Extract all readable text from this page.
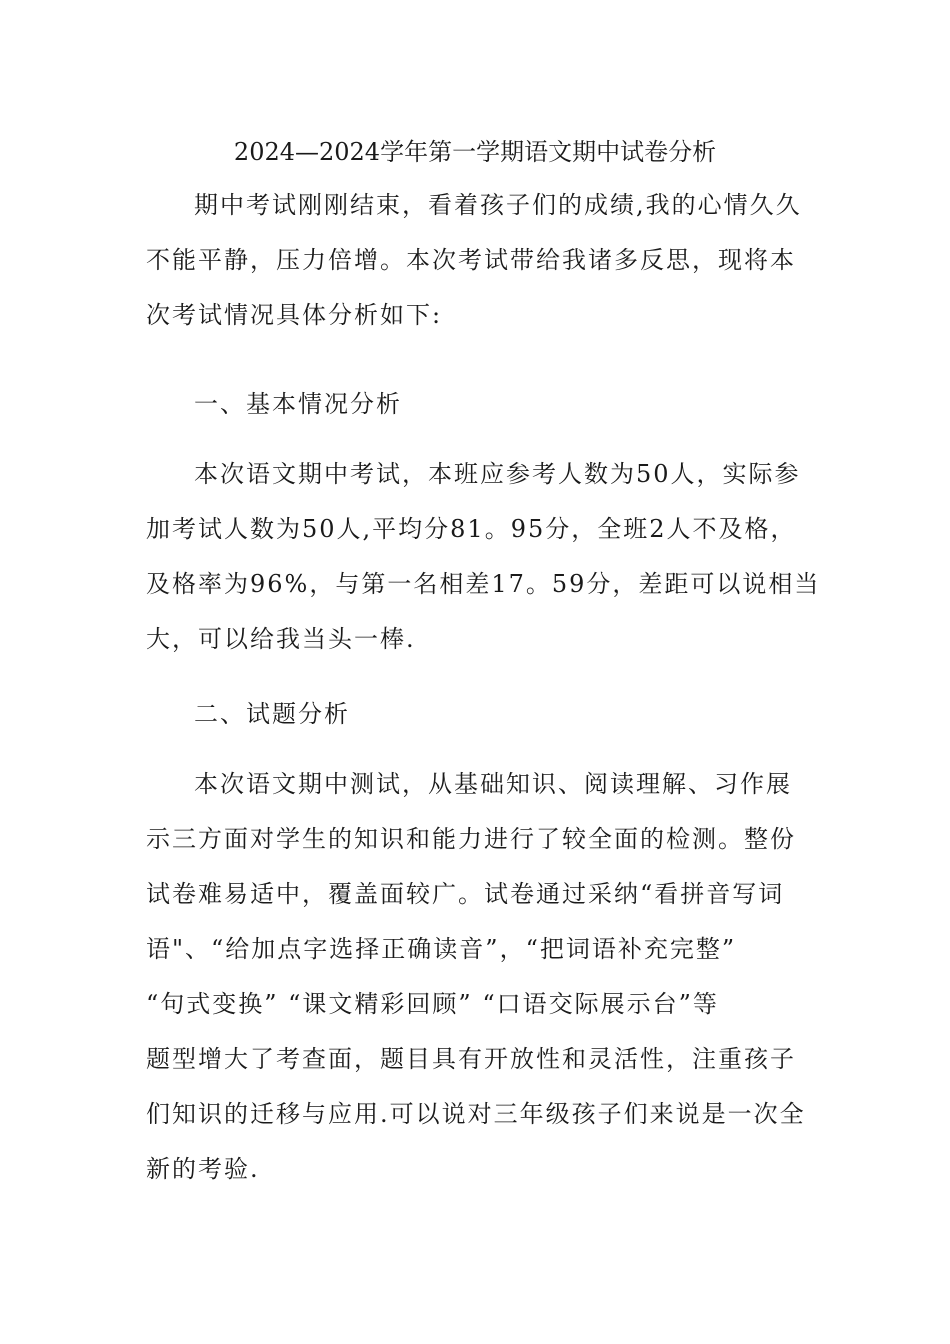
2024—2024学年第一学期语文期中试卷分析

期中考试刚刚结束，看着孩子们的成绩,我的心情久久
不能平静，压力倍增。本次考试带给我诸多反思，现将本
次考试情况具体分析如下:

一、基本情况分析

本次语文期中考试，本班应参考人数为50人，实际参
加考试人数为50人,平均分81。95分，全班2人不及格，
及格率为96%，与第一名相差17。59分，差距可以说相当
大，可以给我当头一棒.

二、试题分析

本次语文期中测试，从基础知识、阅读理解、习作展
示三方面对学生的知识和能力进行了较全面的检测。整份
试卷难易适中，覆盖面较广。试卷通过采纳“看拼音写词
语"、“给加点字选择正确读音”，“把词语补充完整”
“句式变换” “课文精彩回顾” “口语交际展示台”等
题型增大了考查面，题目具有开放性和灵活性，注重孩子
们知识的迁移与应用.可以说对三年级孩子们来说是一次全
新的考验.
